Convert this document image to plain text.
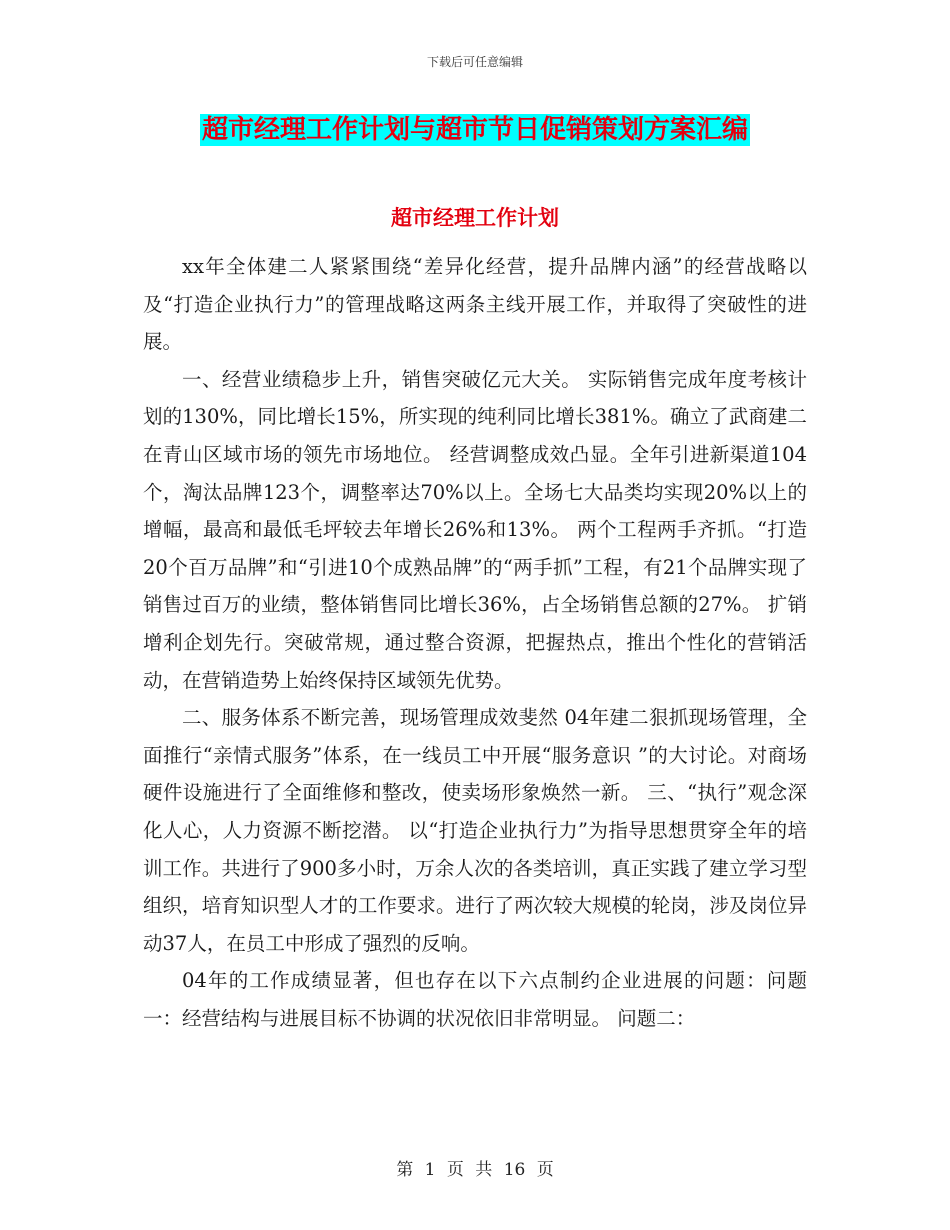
下载后可任意编辑
超市经理工作计划与超市节日促销策划方案汇编
超市经理工作计划

xx年全体建二人紧紧围绕“差异化经营，提升品牌内涵”的经营战略以及“打造企业执行力”的管理战略这两条主线开展工作，并取得了突破性的进展。

一、经营业绩稳步上升，销售突破亿元大关。 实际销售完成年度考核计划的130%，同比增长15%，所实现的纯利同比增长381%。确立了武商建二在青山区域市场的领先市场地位。 经营调整成效凸显。全年引进新渠道104个，淘汰品牌123个，调整率达70%以上。全场七大品类均实现20%以上的增幅，最高和最低毛坪较去年增长26%和13%。 两个工程两手齐抓。“打造20个百万品牌”和“引进10个成熟品牌”的“两手抓”工程，有21个品牌实现了销售过百万的业绩，整体销售同比增长36%，占全场销售总额的27%。 扩销增利企划先行。突破常规，通过整合资源，把握热点，推出个性化的营销活动，在营销造势上始终保持区域领先优势。

二、服务体系不断完善，现场管理成效斐然 04年建二狠抓现场管理，全面推行“亲情式服务”体系，在一线员工中开展“服务意识 ”的大讨论。对商场硬件设施进行了全面维修和整改，使卖场形象焕然一新。 三、“执行”观念深化人心，人力资源不断挖潜。 以“打造企业执行力”为指导思想贯穿全年的培训工作。共进行了900多小时，万余人次的各类培训，真正实践了建立学习型组织，培育知识型人才的工作要求。进行了两次较大规模的轮岗，涉及岗位异动37人，在员工中形成了强烈的反响。

04年的工作成绩显著，但也存在以下六点制约企业进展的问题：问题一：经营结构与进展目标不协调的状况依旧非常明显。 问题二：

第 1 页 共 16 页
